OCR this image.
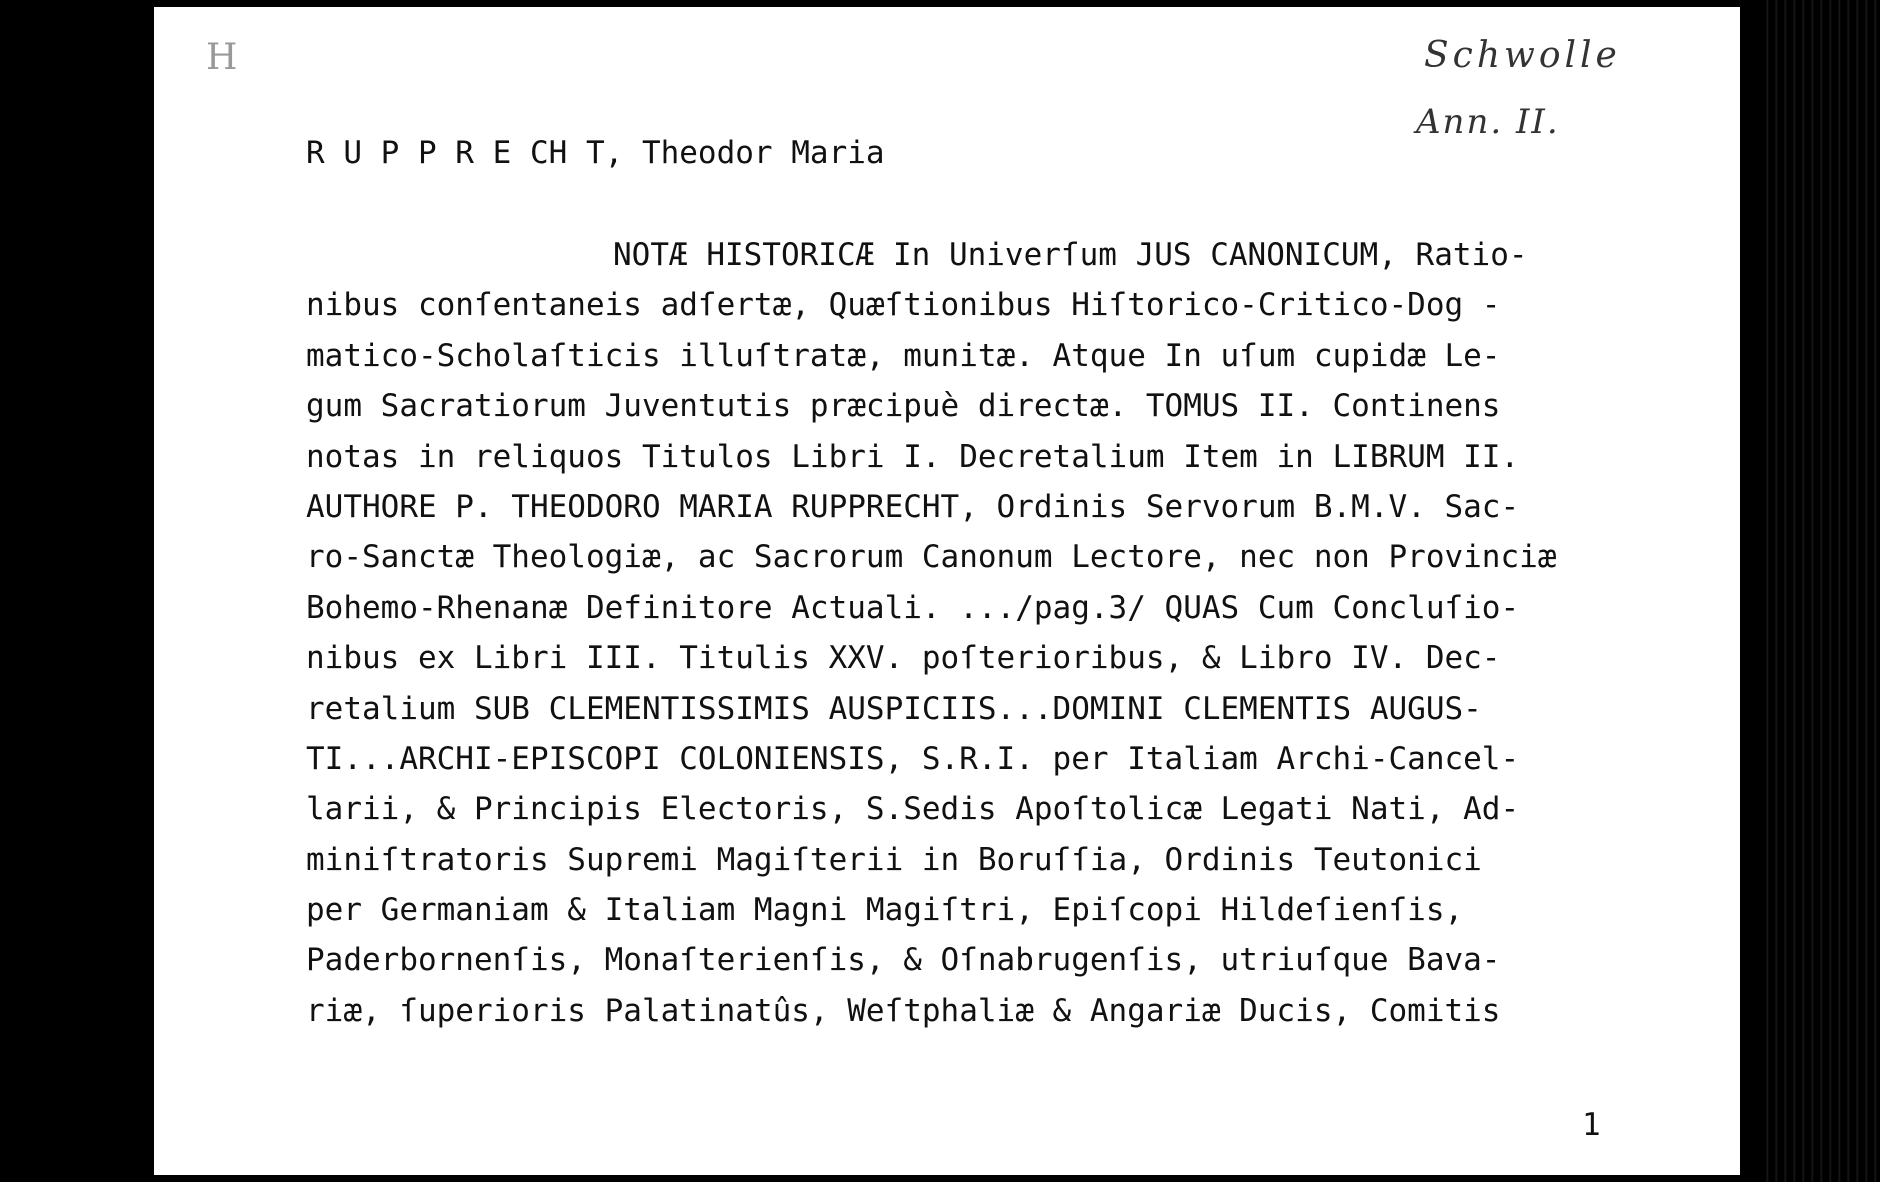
H	Schwolle
Ann. II.
R U P P R E CH T, Theodor Maria
NOTÆ HISTORICÆ In Univerſum JUS CANONICUM, Ratio-
nibus conſentaneis adſertæ, Quæſtionibus Hiſtorico-Critico-Dog -
matico-Scholaſticis illuſtratæ, munitæ. Atque In uſum cupidæ Le-
gum Sacratiorum Juventutis præcipuè directæ. TOMUS II. Continens
notas in reliquos Titulos Libri I. Decretalium Item in LIBRUM II.
AUTHORE P. THEODORO MARIA RUPPRECHT, Ordinis Servorum B.M.V. Sac-
ro-Sanctæ Theologiæ, ac Sacrorum Canonum Lectore, nec non Provinciæ
Bohemo-Rhenanæ Definitore Actuali. .../pag.3/ QUAS Cum Concluſio-
nibus ex Libri III. Titulis XXV. poſterioribus, & Libro IV. Dec-
retalium SUB CLEMENTISSIMIS AUSPICIIS...DOMINI CLEMENTIS AUGUS-
TI...ARCHI-EPISCOPI COLONIENSIS, S.R.I. per Italiam Archi-Cancel-
larii, & Principis Electoris, S.Sedis Apoſtolicæ Legati Nati, Ad-
miniſtratoris Supremi Magiſterii in Boruſſia, Ordinis Teutonici
per Germaniam & Italiam Magni Magiſtri, Epiſcopi Hildeſienſis,
Paderbornenſis, Monaſterienſis, & Oſnabrugenſis, utriuſque Bava-
riæ, ſuperioris Palatinatûs, Weſtphaliæ & Angariæ Ducis, Comitis
1
